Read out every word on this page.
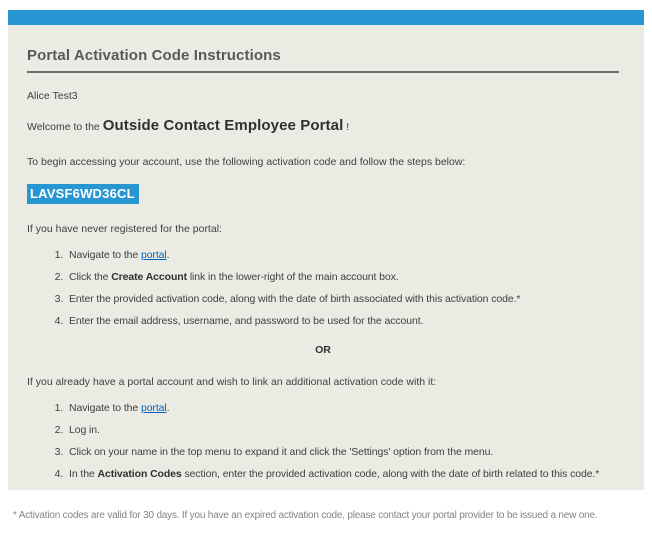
Portal Activation Code Instructions

Alice Test3

Welcome to the Outside Contact Employee Portal !

To begin accessing your account, use the following activation code and follow the steps below:

LAVSF6WD36CL

If you have never registered for the portal:

1. Navigate to the portal.
2. Click the Create Account link in the lower-right of the main account box.
3. Enter the provided activation code, along with the date of birth associated with this activation code.*
4. Enter the email address, username, and password to be used for the account.

OR

If you already have a portal account and wish to link an additional activation code with it:

1. Navigate to the portal.
2. Log in.
3. Click on your name in the top menu to expand it and click the 'Settings' option from the menu.
4. In the Activation Codes section, enter the provided activation code, along with the date of birth related to this code.*

* Activation codes are valid for 30 days. If you have an expired activation code, please contact your portal provider to be issued a new one.
